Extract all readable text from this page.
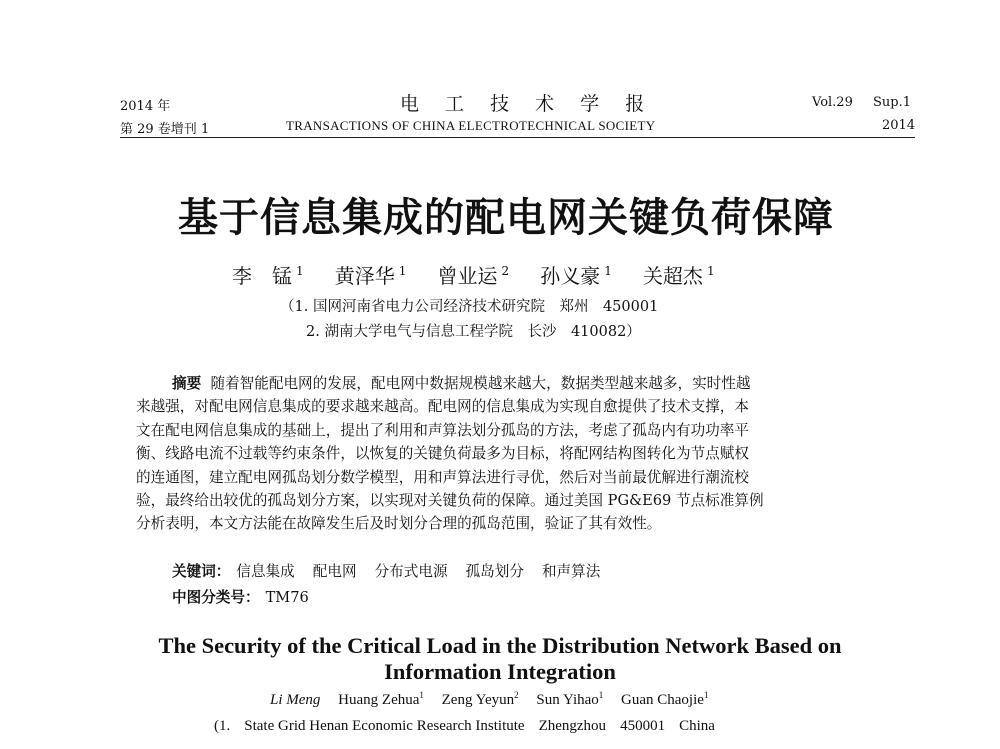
2014 年
第 29 卷增刊 1
电 工 技 术 学 报
TRANSACTIONS OF CHINA ELECTROTECHNICAL SOCIETY
Vol.29 Sup.1
2014
基于信息集成的配电网关键负荷保障
李　锰 $^1$ 黄泽华 $^1$ 曾业运 $^2$ 孙义豪 $^1$ 关超杰 $^1$
（1. 国网河南省电力公司经济技术研究院　郑州　450001
2. 湖南大学电气与信息工程学院　长沙　410082）
摘要 随着智能配电网的发展，配电网中数据规模越来越大，数据类型越来越多，实时性越
来越强，对配电网信息集成的要求越来越高。配电网的信息集成为实现自愈提供了技术支撑，本
文在配电网信息集成的基础上，提出了利用和声算法划分孤岛的方法，考虑了孤岛内有功功率平
衡、线路电流不过载等约束条件，以恢复的关键负荷最多为目标，将配网结构图转化为节点赋权
的连通图，建立配电网孤岛划分数学模型，用和声算法进行寻优，然后对当前最优解进行潮流校
验，最终给出较优的孤岛划分方案，以实现对关键负荷的保障。通过美国 PG&E69 节点标准算例
分析表明，本文方法能在故障发生后及时划分合理的孤岛范围，验证了其有效性。
关键词： 信息集成 配电网 分布式电源 孤岛划分 和声算法
中图分类号： TM76
The Security of the Critical Load in the Distribution Network Based on
Information Integration
Li Meng Huang Zehua$^1$ Zeng Yeyun$^2$ Sun Yihao$^1$ Guan Chaojie$^1$
(1. State Grid Henan Economic Research Institute Zhengzhou 450001 China
